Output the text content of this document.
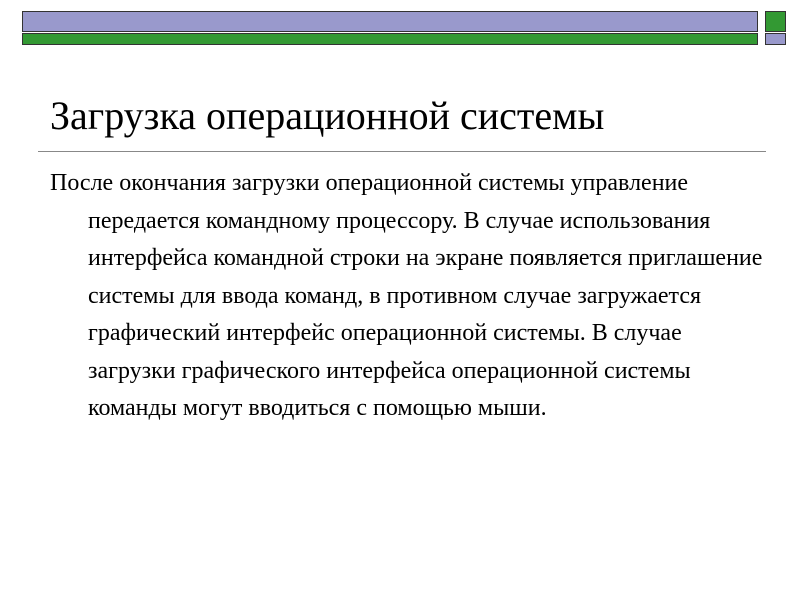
Загрузка операционной системы

После окончания загрузки операционной системы управление передается командному процессору. В случае использования интерфейса командной строки на экране появляется приглашение системы для ввода команд, в противном случае загружается графический интерфейс операционной системы. В случае загрузки графического интерфейса операционной системы команды могут вводиться с помощью мыши.
